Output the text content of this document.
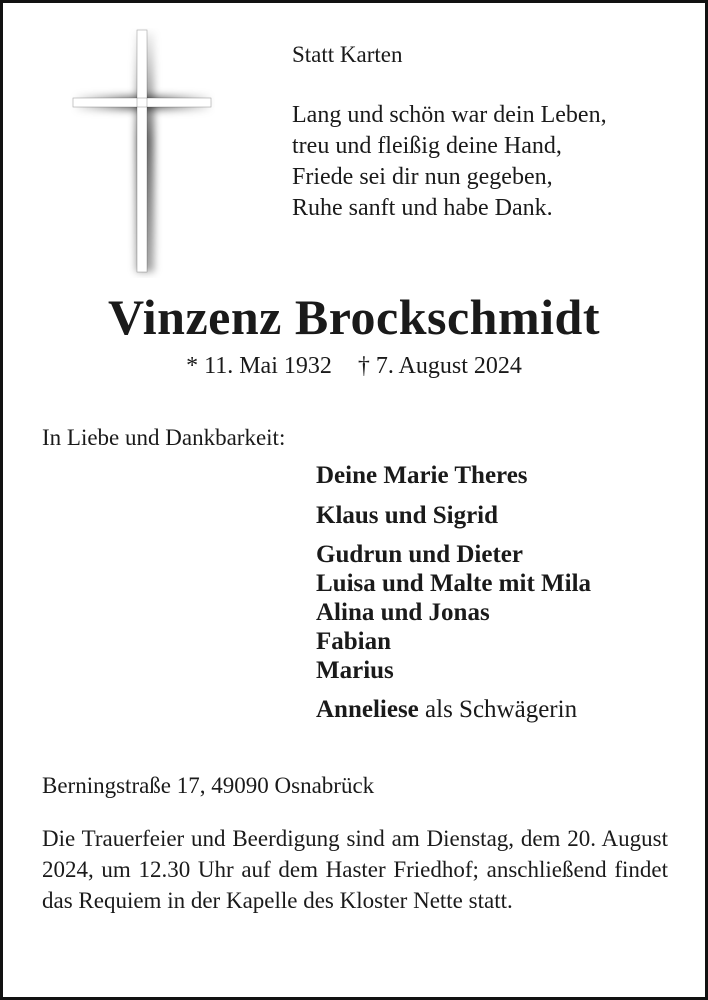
Statt Karten
Lang und schön war dein Leben,
treu und fleißig deine Hand,
Friede sei dir nun gegeben,
Ruhe sanft und habe Dank.
Vinzenz Brockschmidt
* 11. Mai 1932 † 7. August 2024
In Liebe und Dankbarkeit:
Deine Marie Theres
Klaus und Sigrid
Gudrun und Dieter
Luisa und Malte mit Mila
Alina und Jonas
Fabian
Marius
Anneliese als Schwägerin
Berningstraße 17, 49090 Osnabrück
Die Trauerfeier und Beerdigung sind am Dienstag, dem 20. August 2024, um 12.30 Uhr auf dem Haster Friedhof; anschließend findet das Requiem in der Kapelle des Kloster Nette statt.
